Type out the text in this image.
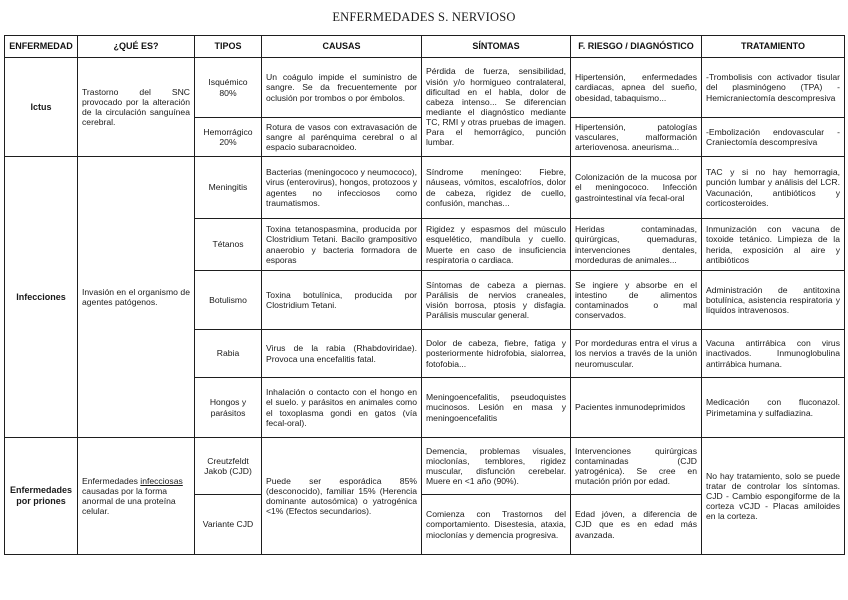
ENFERMEDADES S. NERVIOSO
ENFERMEDAD	¿QUÉ ES?	TIPOS	CAUSAS	SÍNTOMAS	F. RIESGO / DIAGNÓSTICO	TRATAMIENTO
Ictus	Trastorno del SNC provocado por la alteración de la circulación sanguínea cerebral.	Isquémico 80%	Un coágulo impide el suministro de sangre. Se da frecuentemente por oclusión por trombos o por émbolos.	Pérdida de fuerza, sensibilidad, visión y/o hormigueo contralateral, dificultad en el habla, dolor de cabeza intenso... Se diferencian mediante el diagnóstico mediante TC, RMI y otras pruebas de imagen. Para el hemorrágico, punción lumbar.	Hipertensión, enfermedades cardiacas, apnea del sueño, obesidad, tabaquismo...	-Trombolisis con activador tisular del plasminógeno (TPA) -Hemicraniectomía descompresiva
		Hemorrágico 20%	Rotura de vasos con extravasación de sangre al parénquima cerebral o al espacio subaracnoideo.		Hipertensión, patologías vasculares, malformación arteriovenosa. aneurisma...	-Embolización endovascular -Craniectomía descompresiva
Infecciones	Invasión en el organismo de agentes patógenos.	Meningitis	Bacterias (meningococo y neumococo), virus (enterovirus), hongos, protozoos y agentes no infecciosos como traumatismos.	Síndrome meníngeo: Fiebre, náuseas, vómitos, escalofríos, dolor de cabeza, rigidez de cuello, confusión, manchas...	Colonización de la mucosa por el meningococo. Infección gastrointestinal vía fecal-oral	TAC y si no hay hemorragia, punción lumbar y análisis del LCR. Vacunación, antibióticos y corticosteroides.
		Tétanos	Toxina tetanospasmina, producida por Clostridium Tetani. Bacilo grampositivo anaerobio y bacteria formadora de esporas	Rigidez y espasmos del músculo esquelético, mandíbula y cuello. Muerte en caso de insuficiencia respiratoria o cardiaca.	Heridas contaminadas, quirúrgicas, quemaduras, intervenciones dentales, mordeduras de animales...	Inmunización con vacuna de toxoide tetánico. Limpieza de la herida, exposición al aire y antibióticos
		Botulismo	Toxina botulínica, producida por Clostridium Tetani.	Síntomas de cabeza a piernas. Parálisis de nervios craneales, visión borrosa, ptosis y disfagia. Parálisis muscular general.	Se ingiere y absorbe en el intestino de alimentos contaminados o mal conservados.	Administración de antitoxina botulínica, asistencia respiratoria y líquidos intravenosos.
		Rabia	Virus de la rabia (Rhabdoviridae). Provoca una encefalitis fatal.	Dolor de cabeza, fiebre, fatiga y posteriormente hidrofobia, sialorrea, fotofobia...	Por mordeduras entra el virus a los nervios a través de la unión neuromuscular.	Vacuna antirrábica con virus inactivados. Inmunoglobulina antirrábica humana.
		Hongos y parásitos	Inhalación o contacto con el hongo en el suelo. y parásitos en animales como el toxoplasma gondi en gatos (vía fecal-oral).	Meningoencefalitis, pseudoquistes mucinosos. Lesión en masa y meningoencefalitis	Pacientes inmunodeprimidos	Medicación con fluconazol. Pirimetamina y sulfadiazina.
Enfermedades por priones	Enfermedades infecciosas causadas por la forma anormal de una proteína celular.	Creutzfeldt Jakob (CJD)	Puede ser esporádica 85% (desconocido), familiar 15% (Herencia dominante autosómica) o yatrogénica <1% (Efectos secundarios).	Demencia, problemas visuales, mioclonías, temblores, rigidez muscular, disfunción cerebelar. Muere en <1 año (90%).	Intervenciones quirúrgicas contaminadas (CJD yatrogénica). Se cree en mutación prión por edad.	No hay tratamiento, solo se puede tratar de controlar los síntomas. CJD - Cambio espongiforme de la corteza vCJD - Placas amiloides en la corteza.
		Variante CJD		Comienza con Trastornos del comportamiento. Disestesia, ataxia, mioclonías y demencia progresiva.	Edad jóven, a diferencia de CJD que es en edad más avanzada.	
